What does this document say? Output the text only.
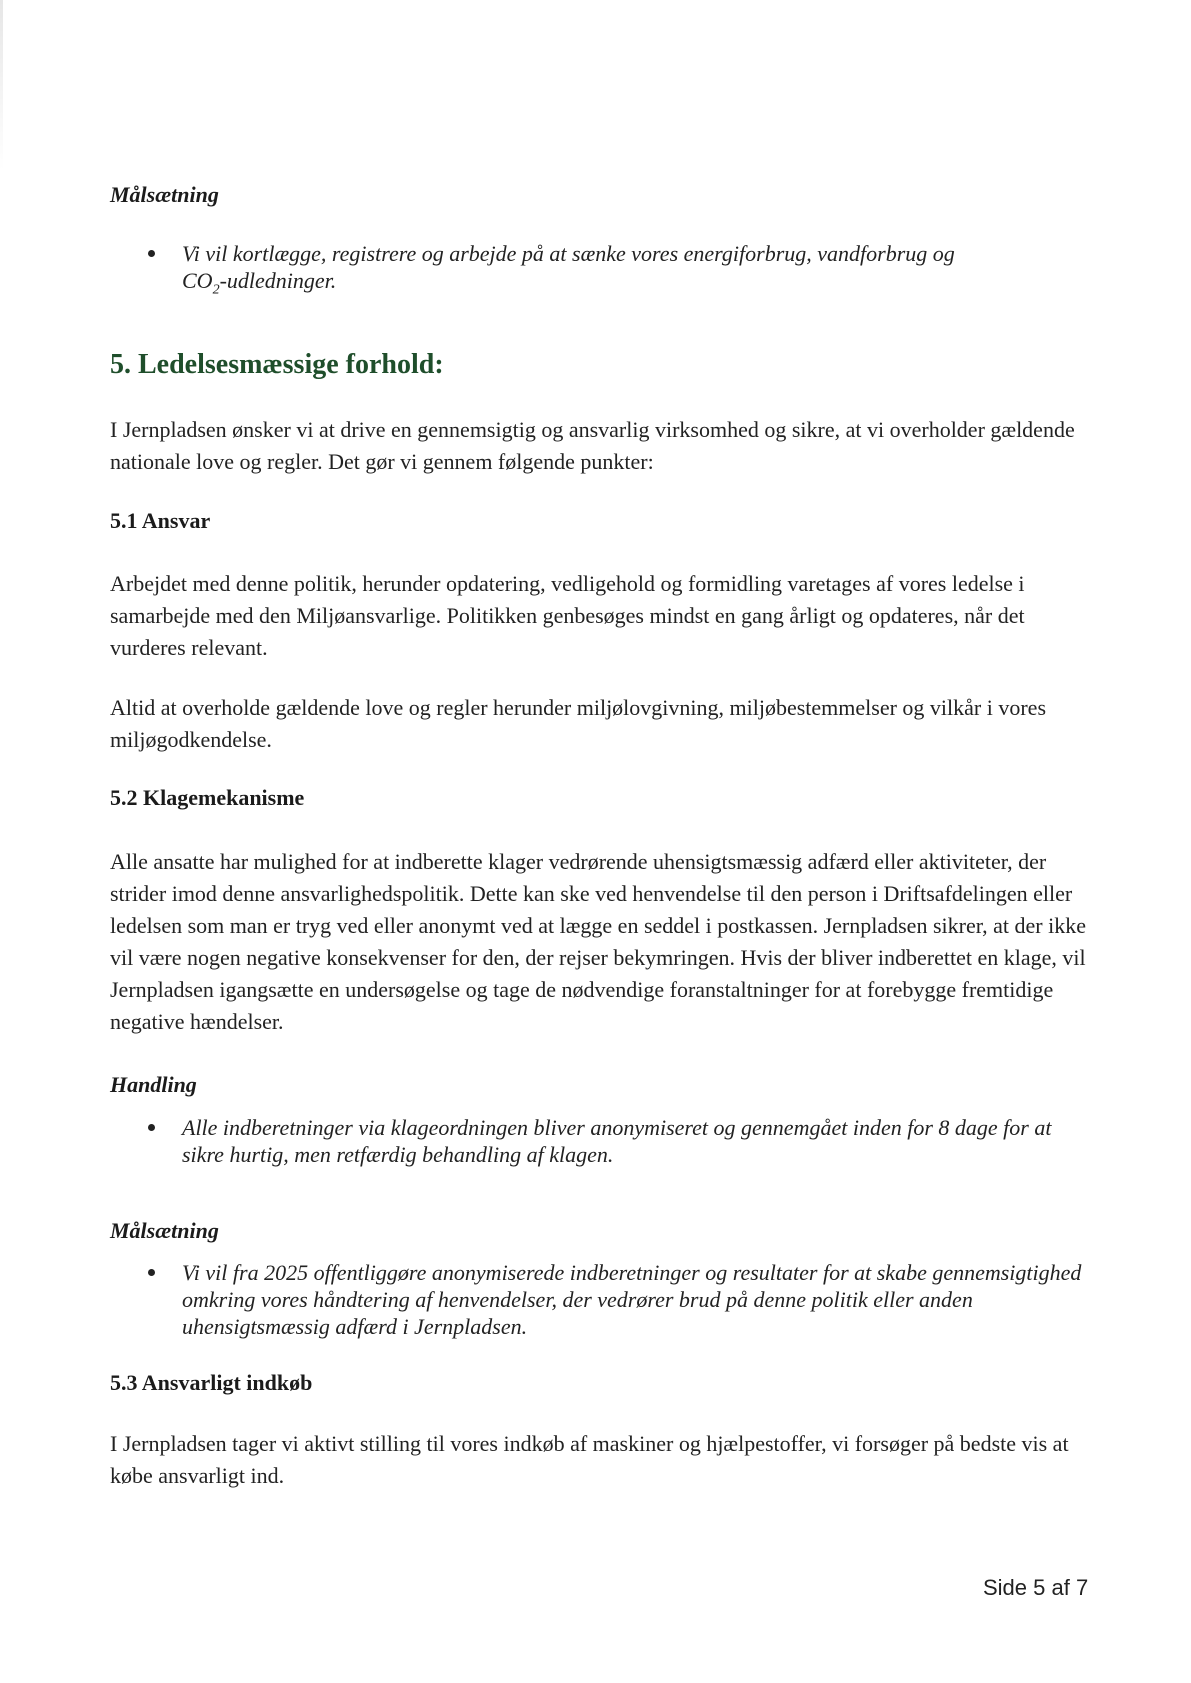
Målsætning

Vi vil kortlægge, registrere og arbejde på at sænke vores energiforbrug, vandforbrug og
$CO_2$-udledninger.
5. Ledelsesmæssige forhold:

I Jernpladsen ønsker vi at drive en gennemsigtig og ansvarlig virksomhed og sikre, at vi overholder gældende nationale love og regler. Det gør vi gennem følgende punkter:

5.1 Ansvar

Arbejdet med denne politik, herunder opdatering, vedligehold og formidling varetages af vores ledelse i samarbejde med den Miljøansvarlige. Politikken genbesøges mindst en gang årligt og opdateres, når det vurderes relevant.

Altid at overholde gældende love og regler herunder miljølovgivning, miljøbestemmelser og vilkår i vores miljøgodkendelse.

5.2 Klagemekanisme

Alle ansatte har mulighed for at indberette klager vedrørende uhensigtsmæssig adfærd eller aktiviteter, der strider imod denne ansvarlighedspolitik. Dette kan ske ved henvendelse til den person i Driftsafdelingen eller ledelsen som man er tryg ved eller anonymt ved at lægge en seddel i postkassen. Jernpladsen sikrer, at der ikke vil være nogen negative konsekvenser for den, der rejser bekymringen. Hvis der bliver indberettet en klage, vil Jernpladsen igangsætte en undersøgelse og tage de nødvendige foranstaltninger for at forebygge fremtidige negative hændelser.

Handling

Alle indberetninger via klageordningen bliver anonymiseret og gennemgået inden for 8 dage for at sikre hurtig, men retfærdig behandling af klagen.

Målsætning

Vi vil fra 2025 offentliggøre anonymiserede indberetninger og resultater for at skabe gennemsigtighed omkring vores håndtering af henvendelser, der vedrører brud på denne politik eller anden uhensigtsmæssig adfærd i Jernpladsen.

5.3 Ansvarligt indkøb

I Jernpladsen tager vi aktivt stilling til vores indkøb af maskiner og hjælpestoffer, vi forsøger på bedste vis at købe ansvarligt ind.

Side 5 af 7
